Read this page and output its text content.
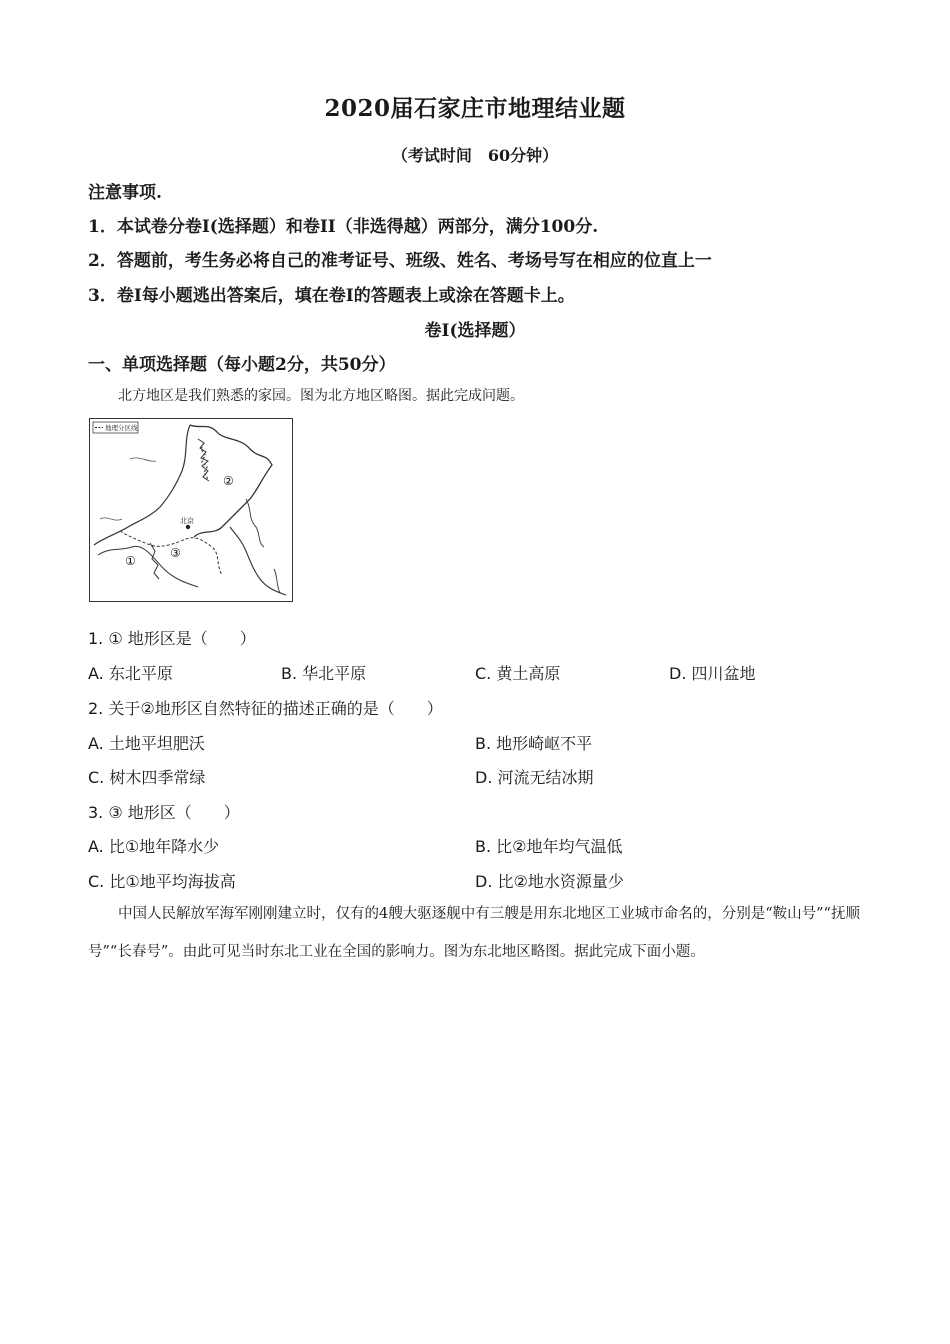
2020届石家庄市地理结业题
（考试时间　60分钟）
注意事项.
1．本试卷分卷Ⅰ(选择题）和卷II（非选得越）两部分，满分100分.
2．答题前，考生务必将自己的准考证号、班级、姓名、考场号写在相应的位直上一
3．卷Ⅰ每小题逃出答案后，填在卷Ⅰ的答题表上或涂在答题卡上。
卷Ⅰ(选择题）
一、单项选择题（每小题2分，共50分）
北方地区是我们熟悉的家园。图为北方地区略图。据此完成问题。
地理分区线
北京
①
②
③
1. ① 地形区是（　　）
A. 东北平原	B. 华北平原	C. 黄土高原	D. 四川盆地
2. 关于②地形区自然特征的描述正确的是（　　）
A. 土地平坦肥沃	B. 地形崎岖不平
C. 树木四季常绿	D. 河流无结冰期
3. ③ 地形区（　　）
A. 比①地年降水少	B. 比②地年均气温低
C. 比①地平均海拔高	D. 比②地水资源量少
中国人民解放军海军刚刚建立时，仅有的4艘大驱逐舰中有三艘是用东北地区工业城市命名的，分别是“鞍山号”“抚顺号”“长春号”。由此可见当时东北工业在全国的影响力。图为东北地区略图。据此完成下面小题。
